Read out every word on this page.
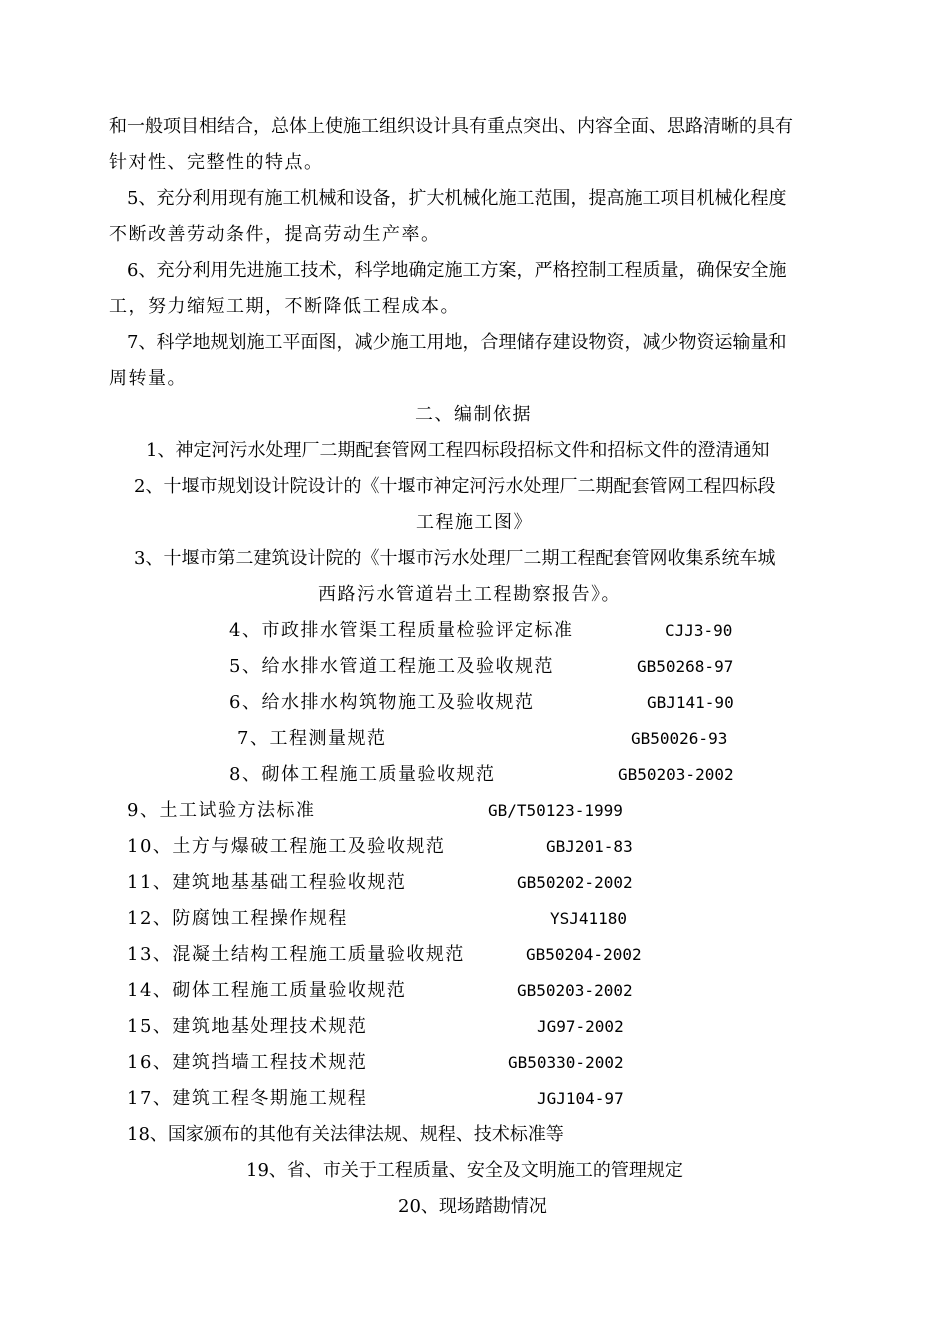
和一般项目相结合，总体上使施工组织设计具有重点突出、内容全面、思路清晰的具有
针对性、完整性的特点。
5、充分利用现有施工机械和设备，扩大机械化施工范围，提高施工项目机械化程度
不断改善劳动条件，提高劳动生产率。
6、充分利用先进施工技术，科学地确定施工方案，严格控制工程质量，确保安全施
工，努力缩短工期，不断降低工程成本。
7、科学地规划施工平面图，减少施工用地，合理储存建设物资，减少物资运输量和
周转量。
二、编制依据
1、神定河污水处理厂二期配套管网工程四标段招标文件和招标文件的澄清通知
2、十堰市规划设计院设计的《十堰市神定河污水处理厂二期配套管网工程四标段
工程施工图》
3、十堰市第二建筑设计院的《十堰市污水处理厂二期工程配套管网收集系统车城
西路污水管道岩土工程勘察报告》。
4、市政排水管渠工程质量检验评定标准	CJJ3-90
5、给水排水管道工程施工及验收规范	GB50268-97
6、给水排水构筑物施工及验收规范	GBJ141-90
7、工程测量规范	GB50026-93
8、砌体工程施工质量验收规范	GB50203-2002
9、土工试验方法标准	GB/T50123-1999
10、土方与爆破工程施工及验收规范	GBJ201-83
11、建筑地基基础工程验收规范	GB50202-2002
12、防腐蚀工程操作规程	YSJ41180
13、混凝土结构工程施工质量验收规范	GB50204-2002
14、砌体工程施工质量验收规范	GB50203-2002
15、建筑地基处理技术规范	JG97-2002
16、建筑挡墙工程技术规范	GB50330-2002
17、建筑工程冬期施工规程	JGJ104-97
18、国家颁布的其他有关法律法规、规程、技术标准等
19、省、市关于工程质量、安全及文明施工的管理规定
20、现场踏勘情况
